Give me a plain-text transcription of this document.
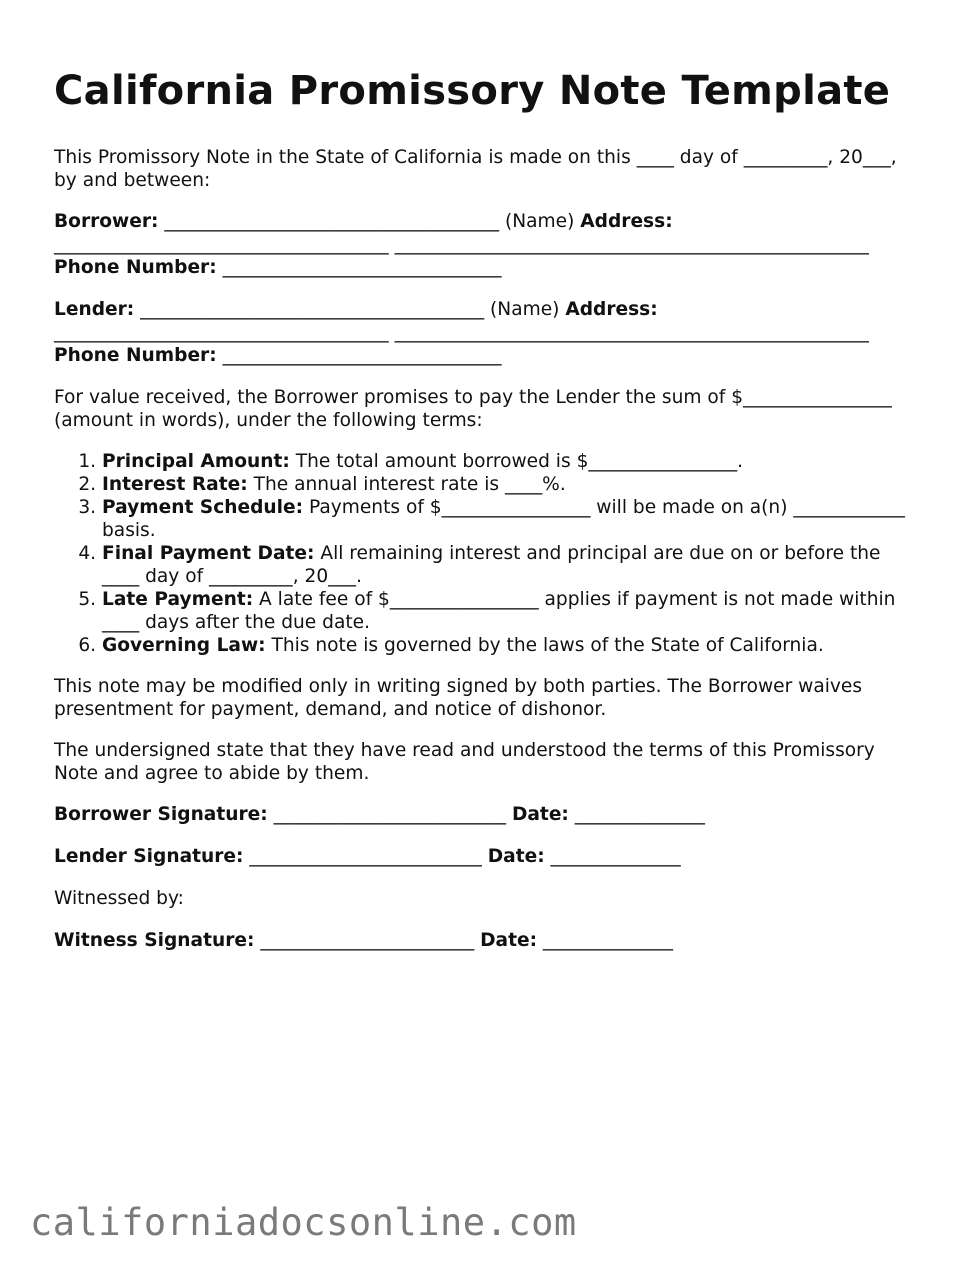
California Promissory Note Template

This Promissory Note in the State of California is made on this ____ day of _________, 20___, by and between:

Borrower: ____________________________________ (Name) Address: ____________________________________ ___________________________________________________ Phone Number: ______________________________

Lender: _____________________________________ (Name) Address: ____________________________________ ___________________________________________________ Phone Number: ______________________________

For value received, the Borrower promises to pay the Lender the sum of $________________ (amount in words), under the following terms:

1. Principal Amount: The total amount borrowed is $________________.
2. Interest Rate: The annual interest rate is ____%.
3. Payment Schedule: Payments of $________________ will be made on a(n) ____________ basis.
4. Final Payment Date: All remaining interest and principal are due on or before the ____ day of _________, 20___.
5. Late Payment: A late fee of $________________ applies if payment is not made within ____ days after the due date.
6. Governing Law: This note is governed by the laws of the State of California.

This note may be modified only in writing signed by both parties. The Borrower waives presentment for payment, demand, and notice of dishonor.

The undersigned state that they have read and understood the terms of this Promissory Note and agree to abide by them.

Borrower Signature: _________________________ Date: ______________

Lender Signature: _________________________ Date: ______________

Witnessed by:

Witness Signature: _______________________ Date: ______________

californiadocsonline.com
